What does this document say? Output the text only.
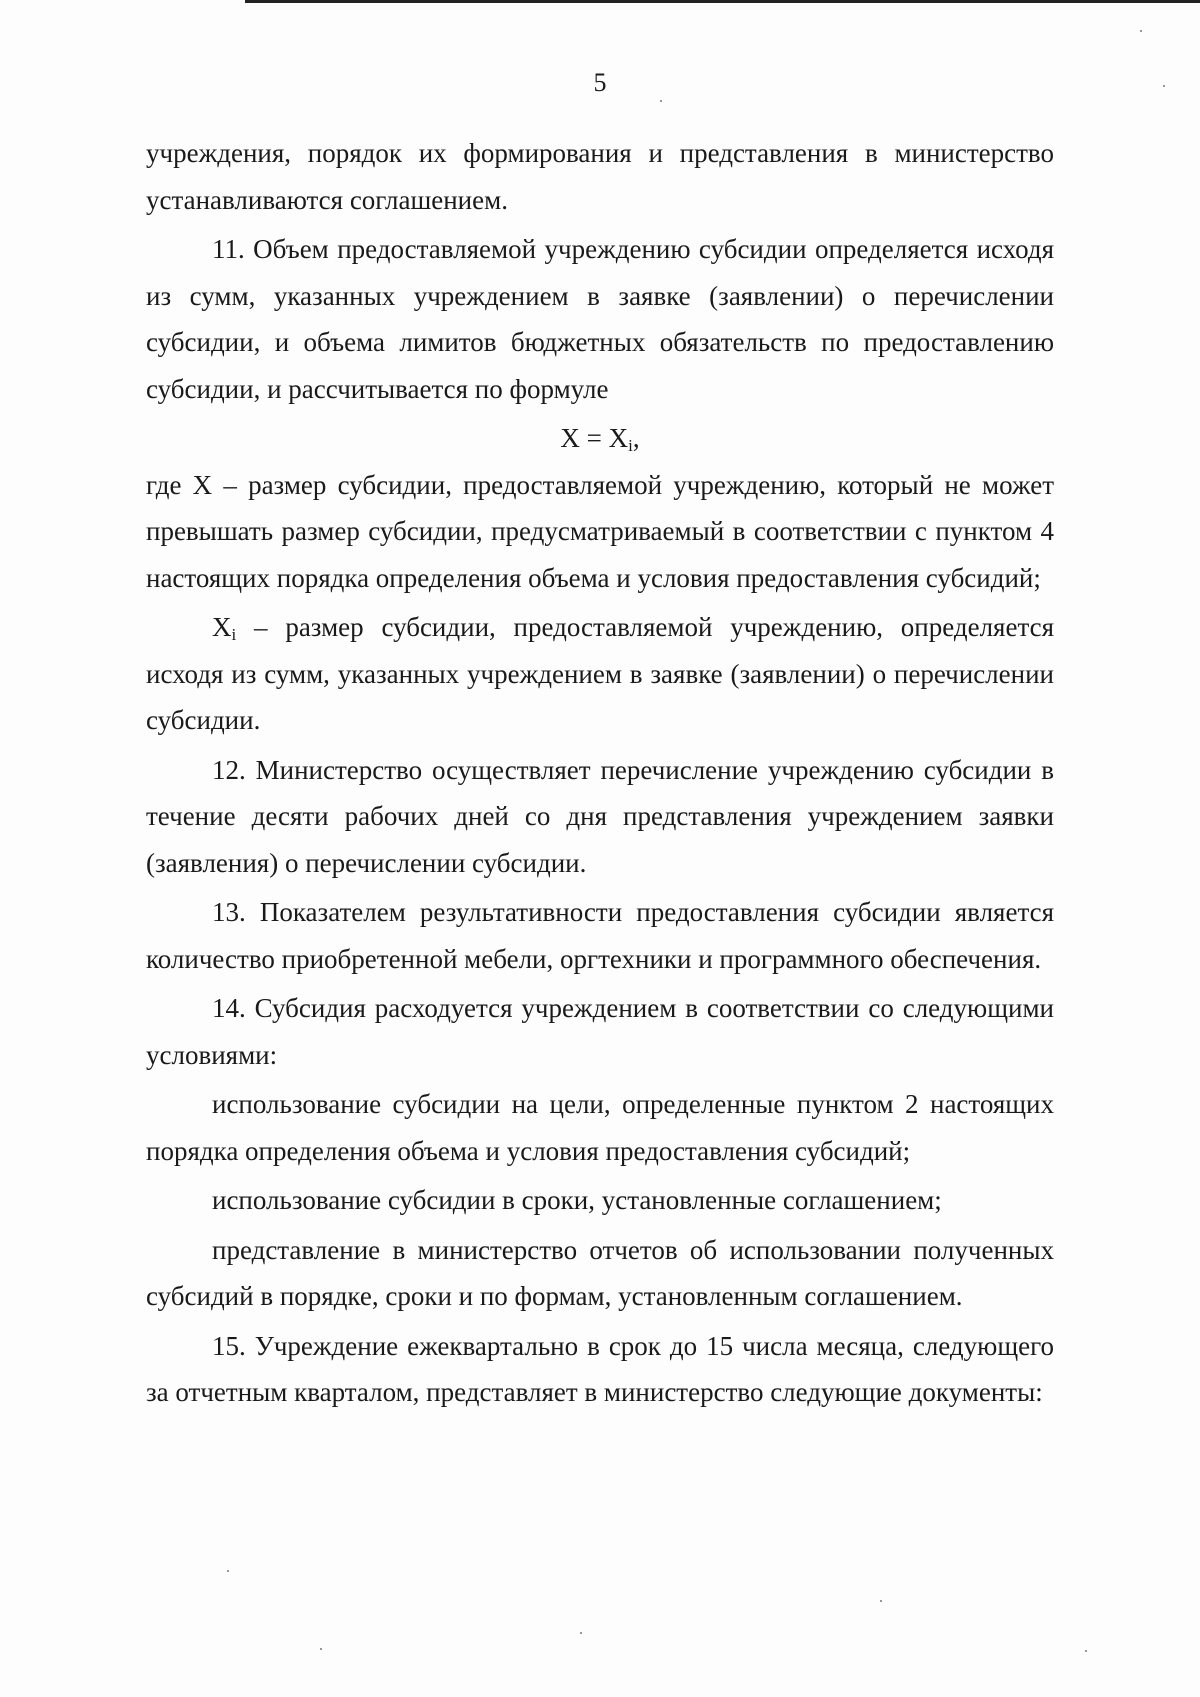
5

учреждения, порядок их формирования и представления в министерство устанавливаются соглашением.

11. Объем предоставляемой учреждению субсидии определяется исходя из сумм, указанных учреждением в заявке (заявлении) о перечислении субсидии, и объема лимитов бюджетных обязательств по предоставлению субсидии, и рассчитывается по формуле

$X = X_i$,

где X – размер субсидии, предоставляемой учреждению, который не может превышать размер субсидии, предусматриваемый в соответствии с пунктом 4 настоящих порядка определения объема и условия предоставления субсидий;

$X_i$ – размер субсидии, предоставляемой учреждению, определяется исходя из сумм, указанных учреждением в заявке (заявлении) о перечислении субсидии.

12. Министерство осуществляет перечисление учреждению субсидии в течение десяти рабочих дней со дня представления учреждением заявки (заявления) о перечислении субсидии.

13. Показателем результативности предоставления субсидии является количество приобретенной мебели, оргтехники и программного обеспечения.

14. Субсидия расходуется учреждением в соответствии со следующими условиями:

использование субсидии на цели, определенные пунктом 2 настоящих порядка определения объема и условия предоставления субсидий;

использование субсидии в сроки, установленные соглашением;

представление в министерство отчетов об использовании полученных субсидий в порядке, сроки и по формам, установленным соглашением.

15. Учреждение ежеквартально в срок до 15 числа месяца, следующего за отчетным кварталом, представляет в министерство следующие документы:
